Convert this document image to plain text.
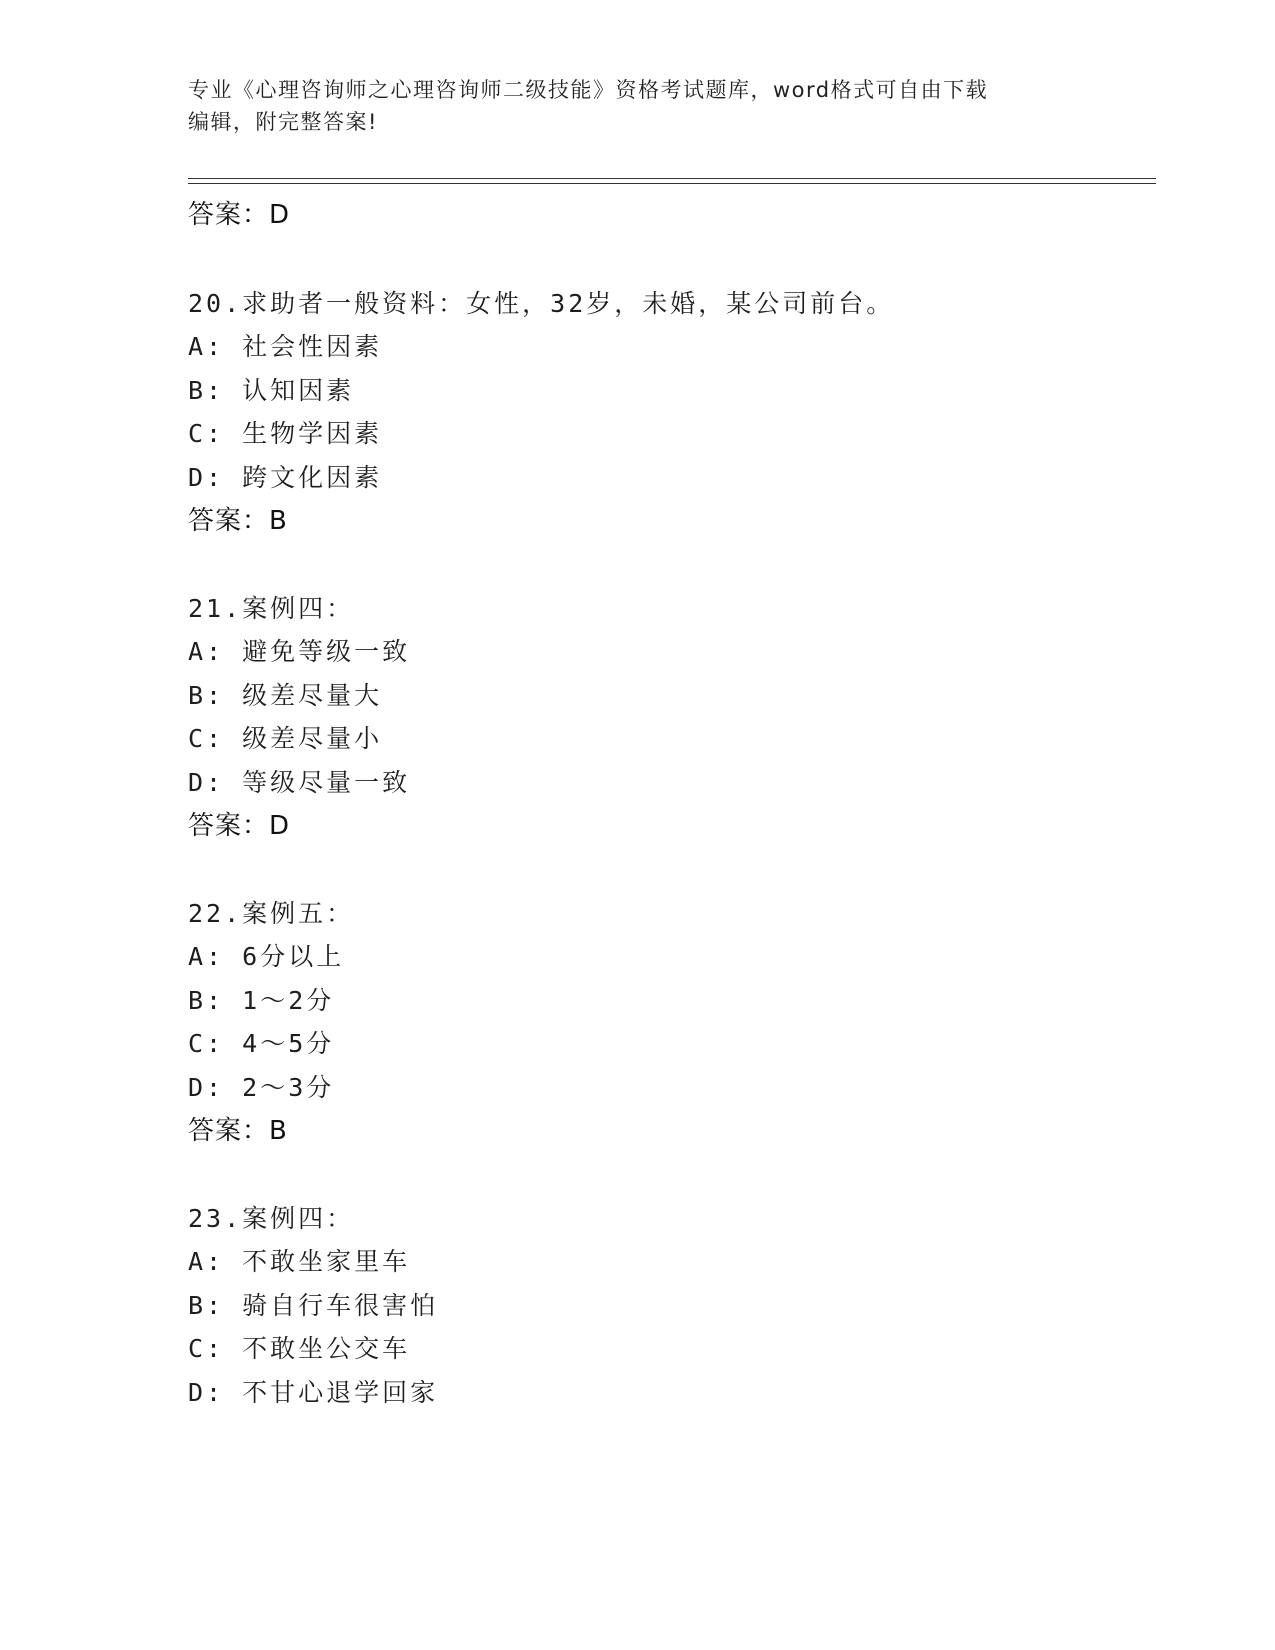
专业《心理咨询师之心理咨询师二级技能》资格考试题库，word格式可自由下载
编辑，附完整答案!
答案：D
20.求助者一般资料：女性，32岁，未婚，某公司前台。
A: 社会性因素
B: 认知因素
C: 生物学因素
D: 跨文化因素
答案：B
21.案例四：
A: 避免等级一致
B: 级差尽量大
C: 级差尽量小
D: 等级尽量一致
答案：D
22.案例五：
A: 6分以上
B: 1～2分
C: 4～5分
D: 2～3分
答案：B
23.案例四：
A: 不敢坐家里车
B: 骑自行车很害怕
C: 不敢坐公交车
D: 不甘心退学回家
